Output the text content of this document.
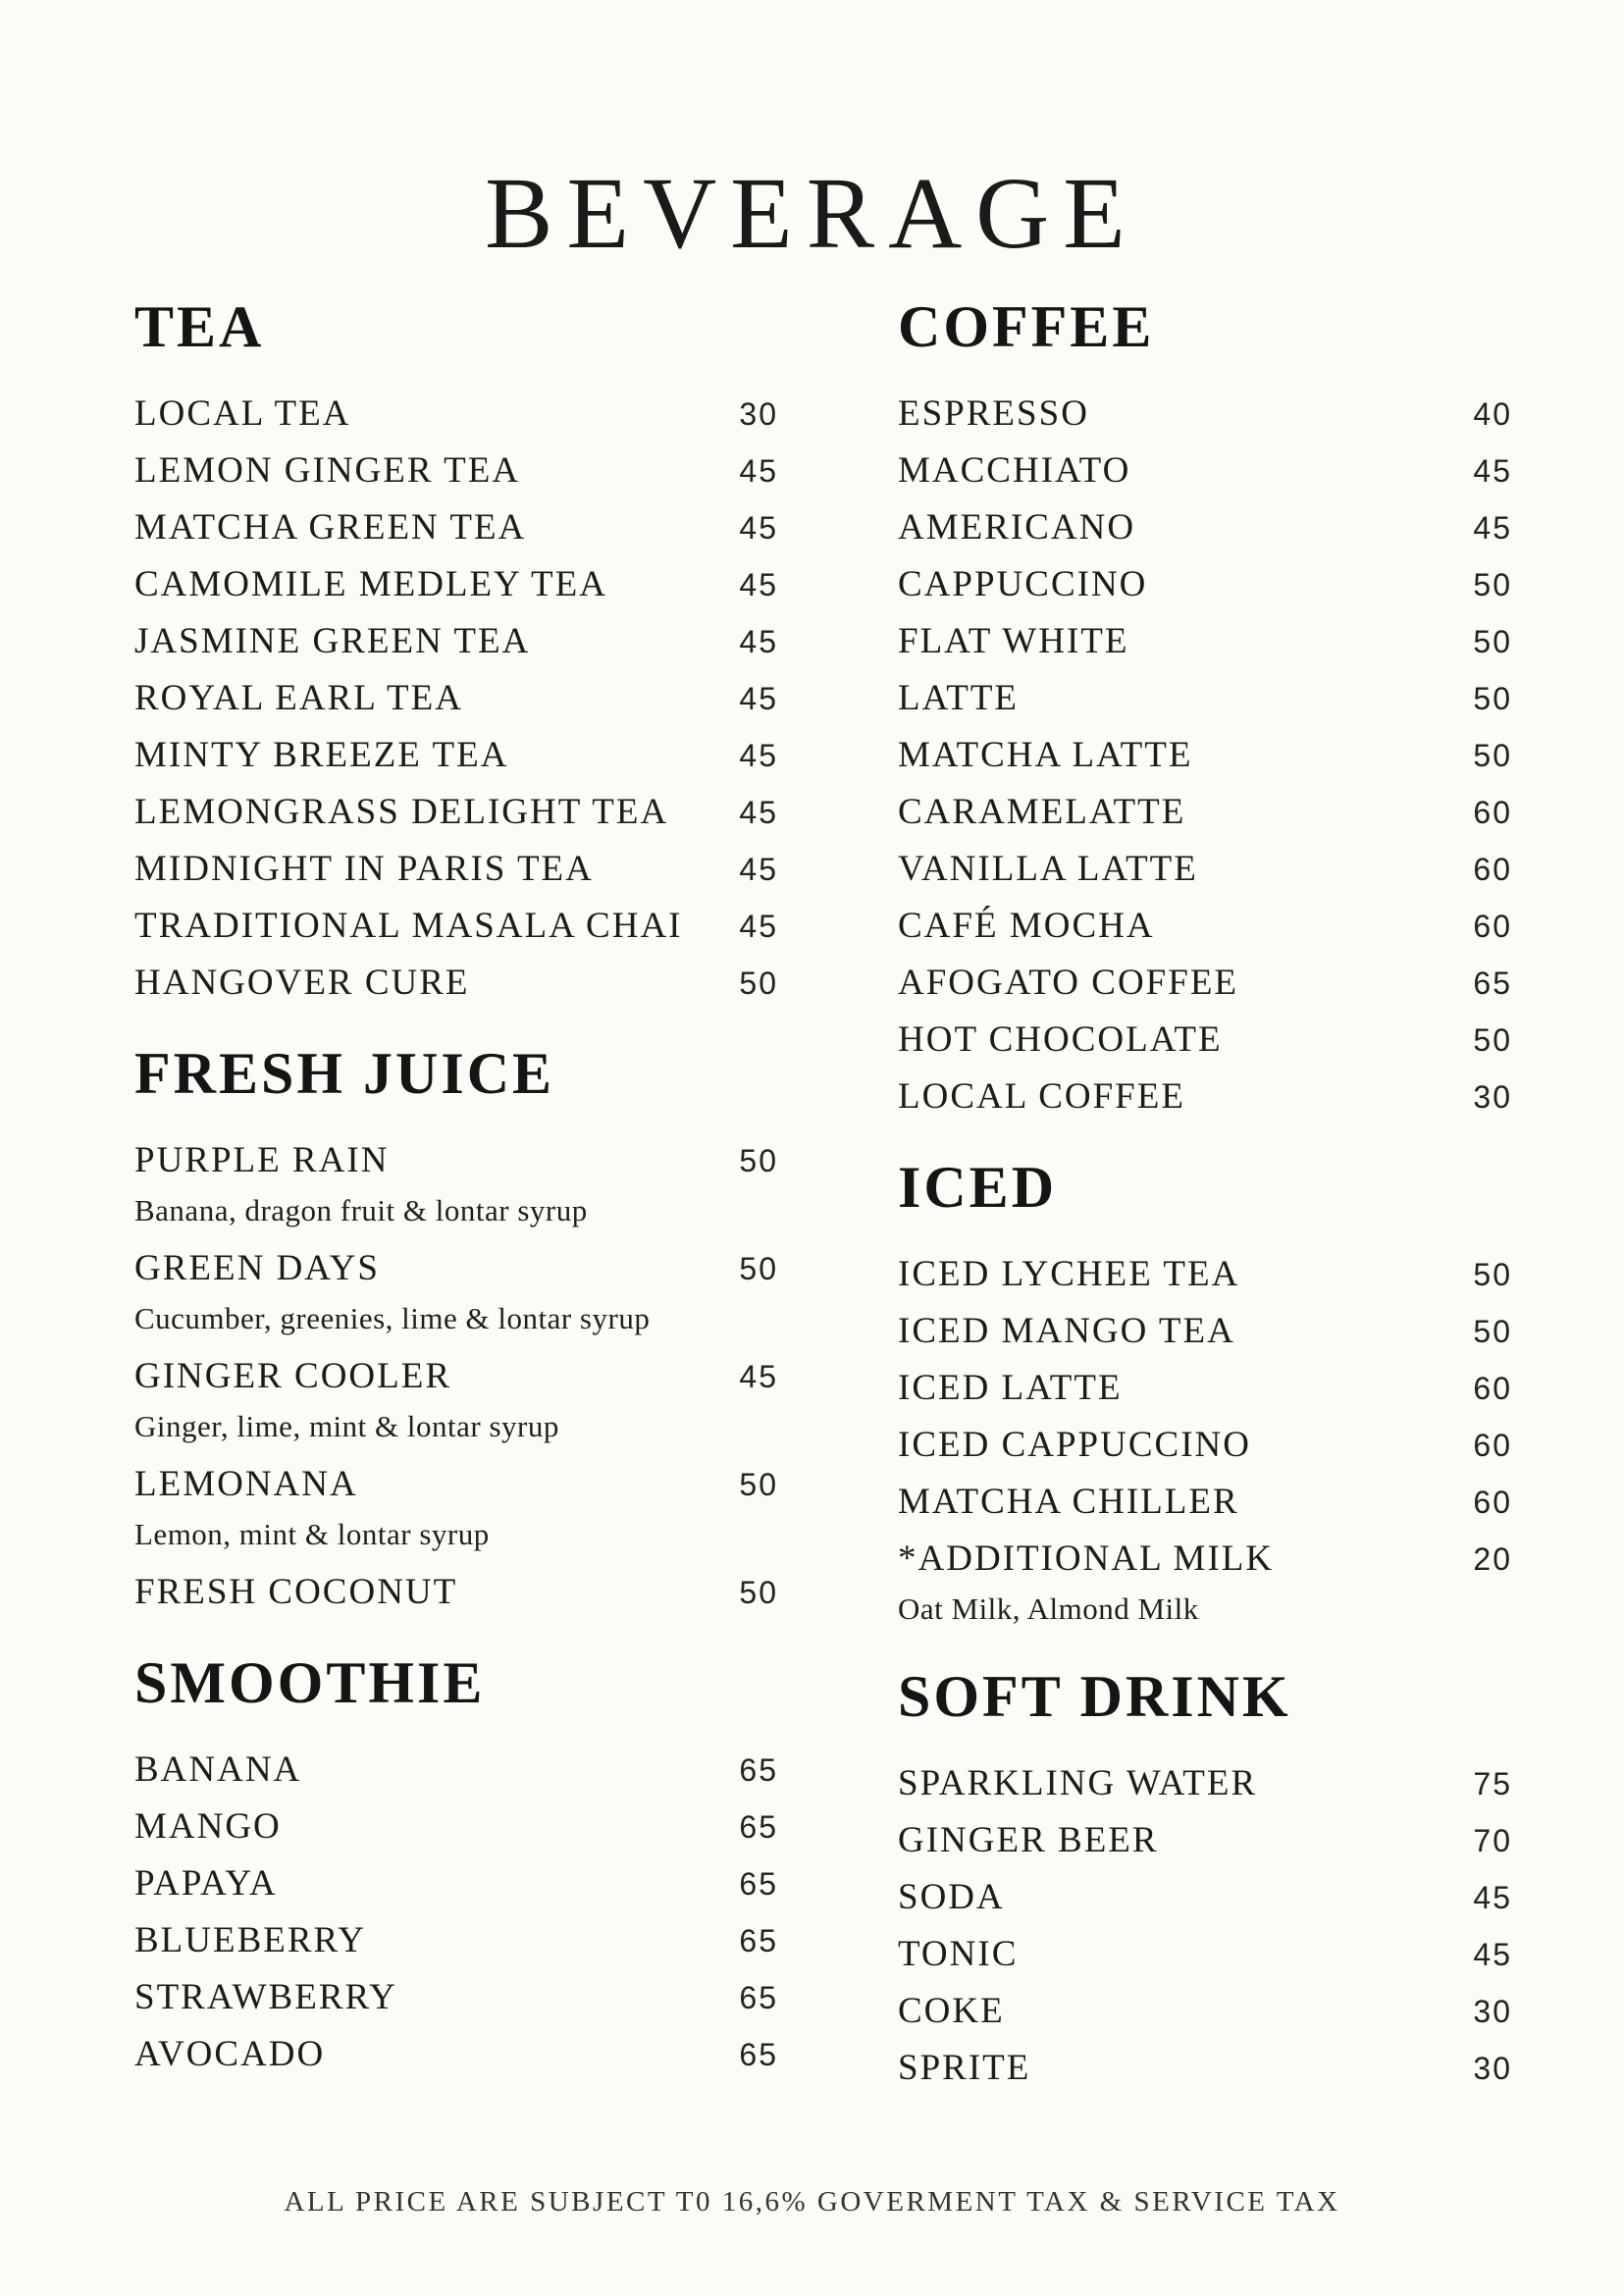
BEVERAGE
TEA
LOCAL TEA	30
LEMON GINGER TEA	45
MATCHA GREEN TEA	45
CAMOMILE MEDLEY TEA	45
JASMINE GREEN TEA	45
ROYAL EARL TEA	45
MINTY BREEZE TEA	45
LEMONGRASS DELIGHT TEA 45
MIDNIGHT IN PARIS TEA	45
TRADITIONAL MASALA CHAI 45
HANGOVER CURE	50
FRESH JUICE
PURPLE RAIN	50
Banana, dragon fruit & lontar syrup
GREEN DAYS	50
Cucumber, greenies, lime & lontar syrup
GINGER COOLER	45
Ginger, lime, mint & lontar syrup
LEMONANA	50
Lemon, mint & lontar syrup
FRESH COCONUT	50
SMOOTHIE
BANANA	65
MANGO	65
PAPAYA	65
BLUEBERRY	65
STRAWBERRY	65
AVOCADO	65
COFFEE
ESPRESSO	40
MACCHIATO	45
AMERICANO	45
CAPPUCCINO	50
FLAT WHITE	50
LATTE	50
MATCHA LATTE	50
CARAMELATTE	60
VANILLA LATTE	60
CAFÉ MOCHA	60
AFOGATO COFFEE	65
HOT CHOCOLATE	50
LOCAL COFFEE	30
ICED
ICED LYCHEE TEA	50
ICED MANGO TEA	50
ICED LATTE	60
ICED CAPPUCCINO	60
MATCHA CHILLER	60
*ADDITIONAL MILK	20
Oat Milk, Almond Milk
SOFT DRINK
SPARKLING WATER	75
GINGER BEER	70
SODA	45
TONIC	45
COKE	30
SPRITE	30
ALL PRICE ARE SUBJECT T0 16,6% GOVERMENT TAX & SERVICE TAX
